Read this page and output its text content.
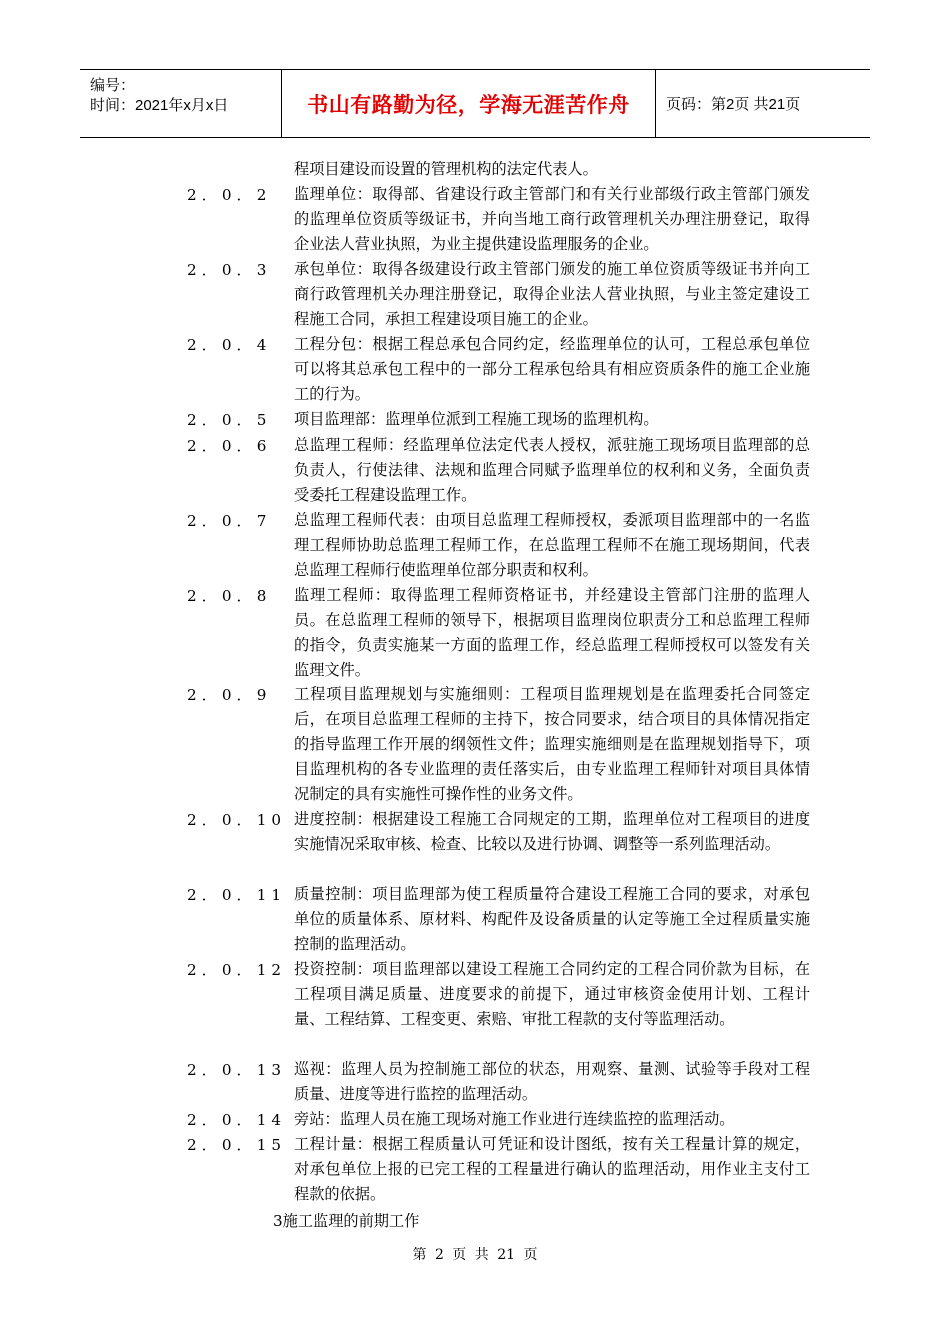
编号：
时间：2021年x月x日	书山有路勤为径，学海无涯苦作舟 页码：第2页 共21页
程项目建设而设置的管理机构的法定代表人。
2．0．2 监理单位：取得部、省建设行政主管部门和有关行业部级行政主管部门颁发的监理单位资质等级证书，并向当地工商行政管理机关办理注册登记，取得企业法人营业执照，为业主提供建设监理服务的企业。
2．0．3 承包单位：取得各级建设行政主管部门颁发的施工单位资质等级证书并向工商行政管理机关办理注册登记，取得企业法人营业执照，与业主签定建设工程施工合同，承担工程建设项目施工的企业。
2．0．4 工程分包：根据工程总承包合同约定，经监理单位的认可，工程总承包单位可以将其总承包工程中的一部分工程承包给具有相应资质条件的施工企业施工的行为。
2．0．5 项目监理部：监理单位派到工程施工现场的监理机构。
2．0．6 总监理工程师：经监理单位法定代表人授权，派驻施工现场项目监理部的总负责人，行使法律、法规和监理合同赋予监理单位的权利和义务，全面负责受委托工程建设监理工作。
2．0．7 总监理工程师代表：由项目总监理工程师授权，委派项目监理部中的一名监理工程师协助总监理工程师工作，在总监理工程师不在施工现场期间，代表总监理工程师行使监理单位部分职责和权利。
2．0．8 监理工程师：取得监理工程师资格证书，并经建设主管部门注册的监理人员。在总监理工程师的领导下，根据项目监理岗位职责分工和总监理工程师的指令，负责实施某一方面的监理工作，经总监理工程师授权可以签发有关监理文件。
2．0．9 工程项目监理规划与实施细则：工程项目监理规划是在监理委托合同签定后，在项目总监理工程师的主持下，按合同要求，结合项目的具体情况指定的指导监理工作开展的纲领性文件；监理实施细则是在监理规划指导下，项目监理机构的各专业监理的责任落实后，由专业监理工程师针对项目具体情况制定的具有实施性可操作性的业务文件。
2．0．10 进度控制：根据建设工程施工合同规定的工期，监理单位对工程项目的进度实施情况采取审核、检查、比较以及进行协调、调整等一系列监理活动。
2．0．11 质量控制：项目监理部为使工程质量符合建设工程施工合同的要求，对承包单位的质量体系、原材料、构配件及设备质量的认定等施工全过程质量实施控制的监理活动。
2．0．12 投资控制：项目监理部以建设工程施工合同约定的工程合同价款为目标，在工程项目满足质量、进度要求的前提下，通过审核资金使用计划、工程计量、工程结算、工程变更、索赔、审批工程款的支付等监理活动。
2．0．13 巡视：监理人员为控制施工部位的状态，用观察、量测、试验等手段对工程质量、进度等进行监控的监理活动。
2．0．14 旁站：监理人员在施工现场对施工作业进行连续监控的监理活动。
2．0．15 工程计量：根据工程质量认可凭证和设计图纸，按有关工程量计算的规定，对承包单位上报的已完工程的工程量进行确认的监理活动，用作业主支付工程款的依据。
3施工监理的前期工作
第 2 页 共 21 页
